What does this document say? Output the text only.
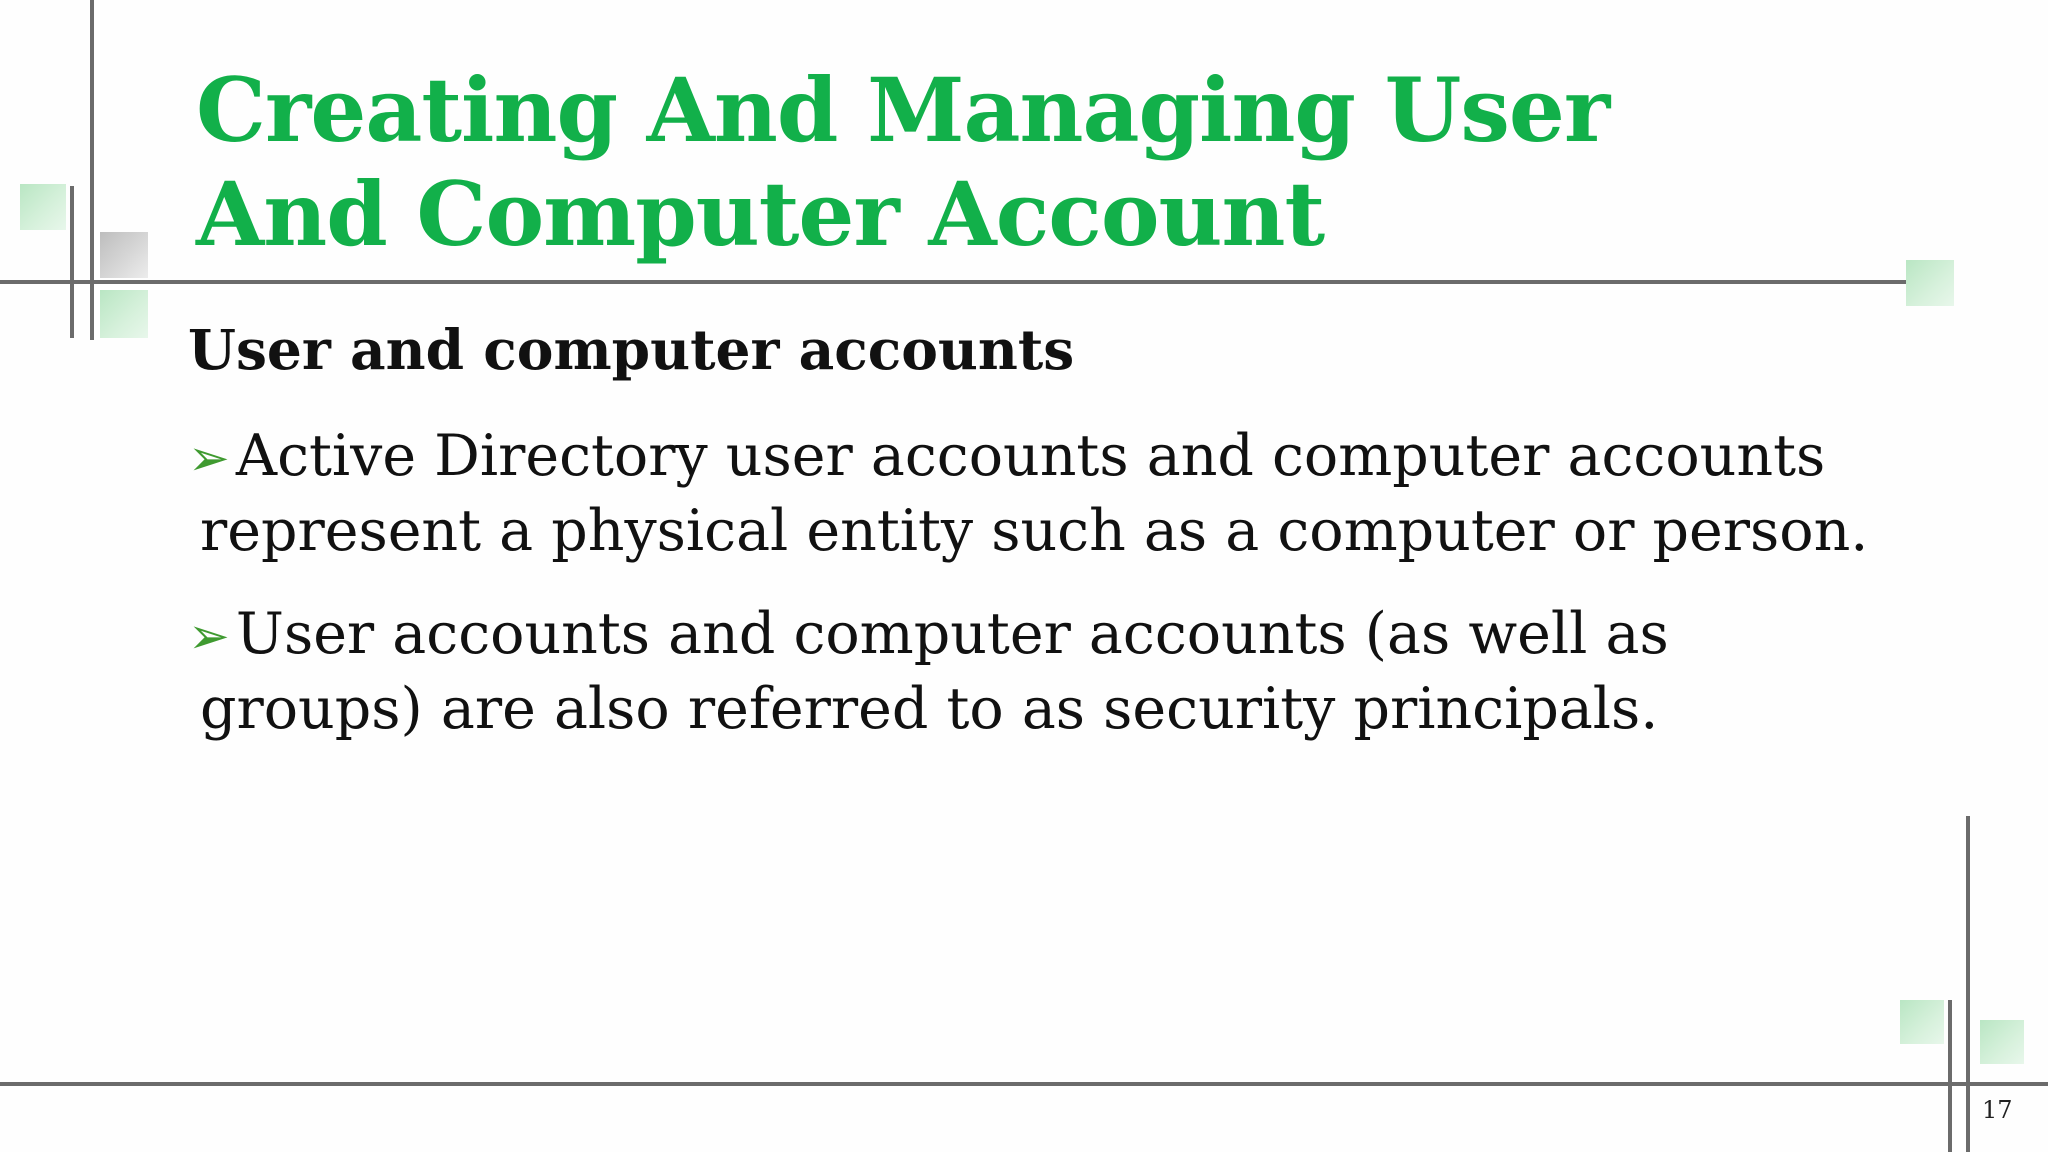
Creating And Managing User
And Computer Account
User and computer accounts
➢ Active Directory user accounts and computer accounts represent a physical entity such as a computer or person.
➢ User accounts and computer accounts (as well as groups) are also referred to as security principals.
17
